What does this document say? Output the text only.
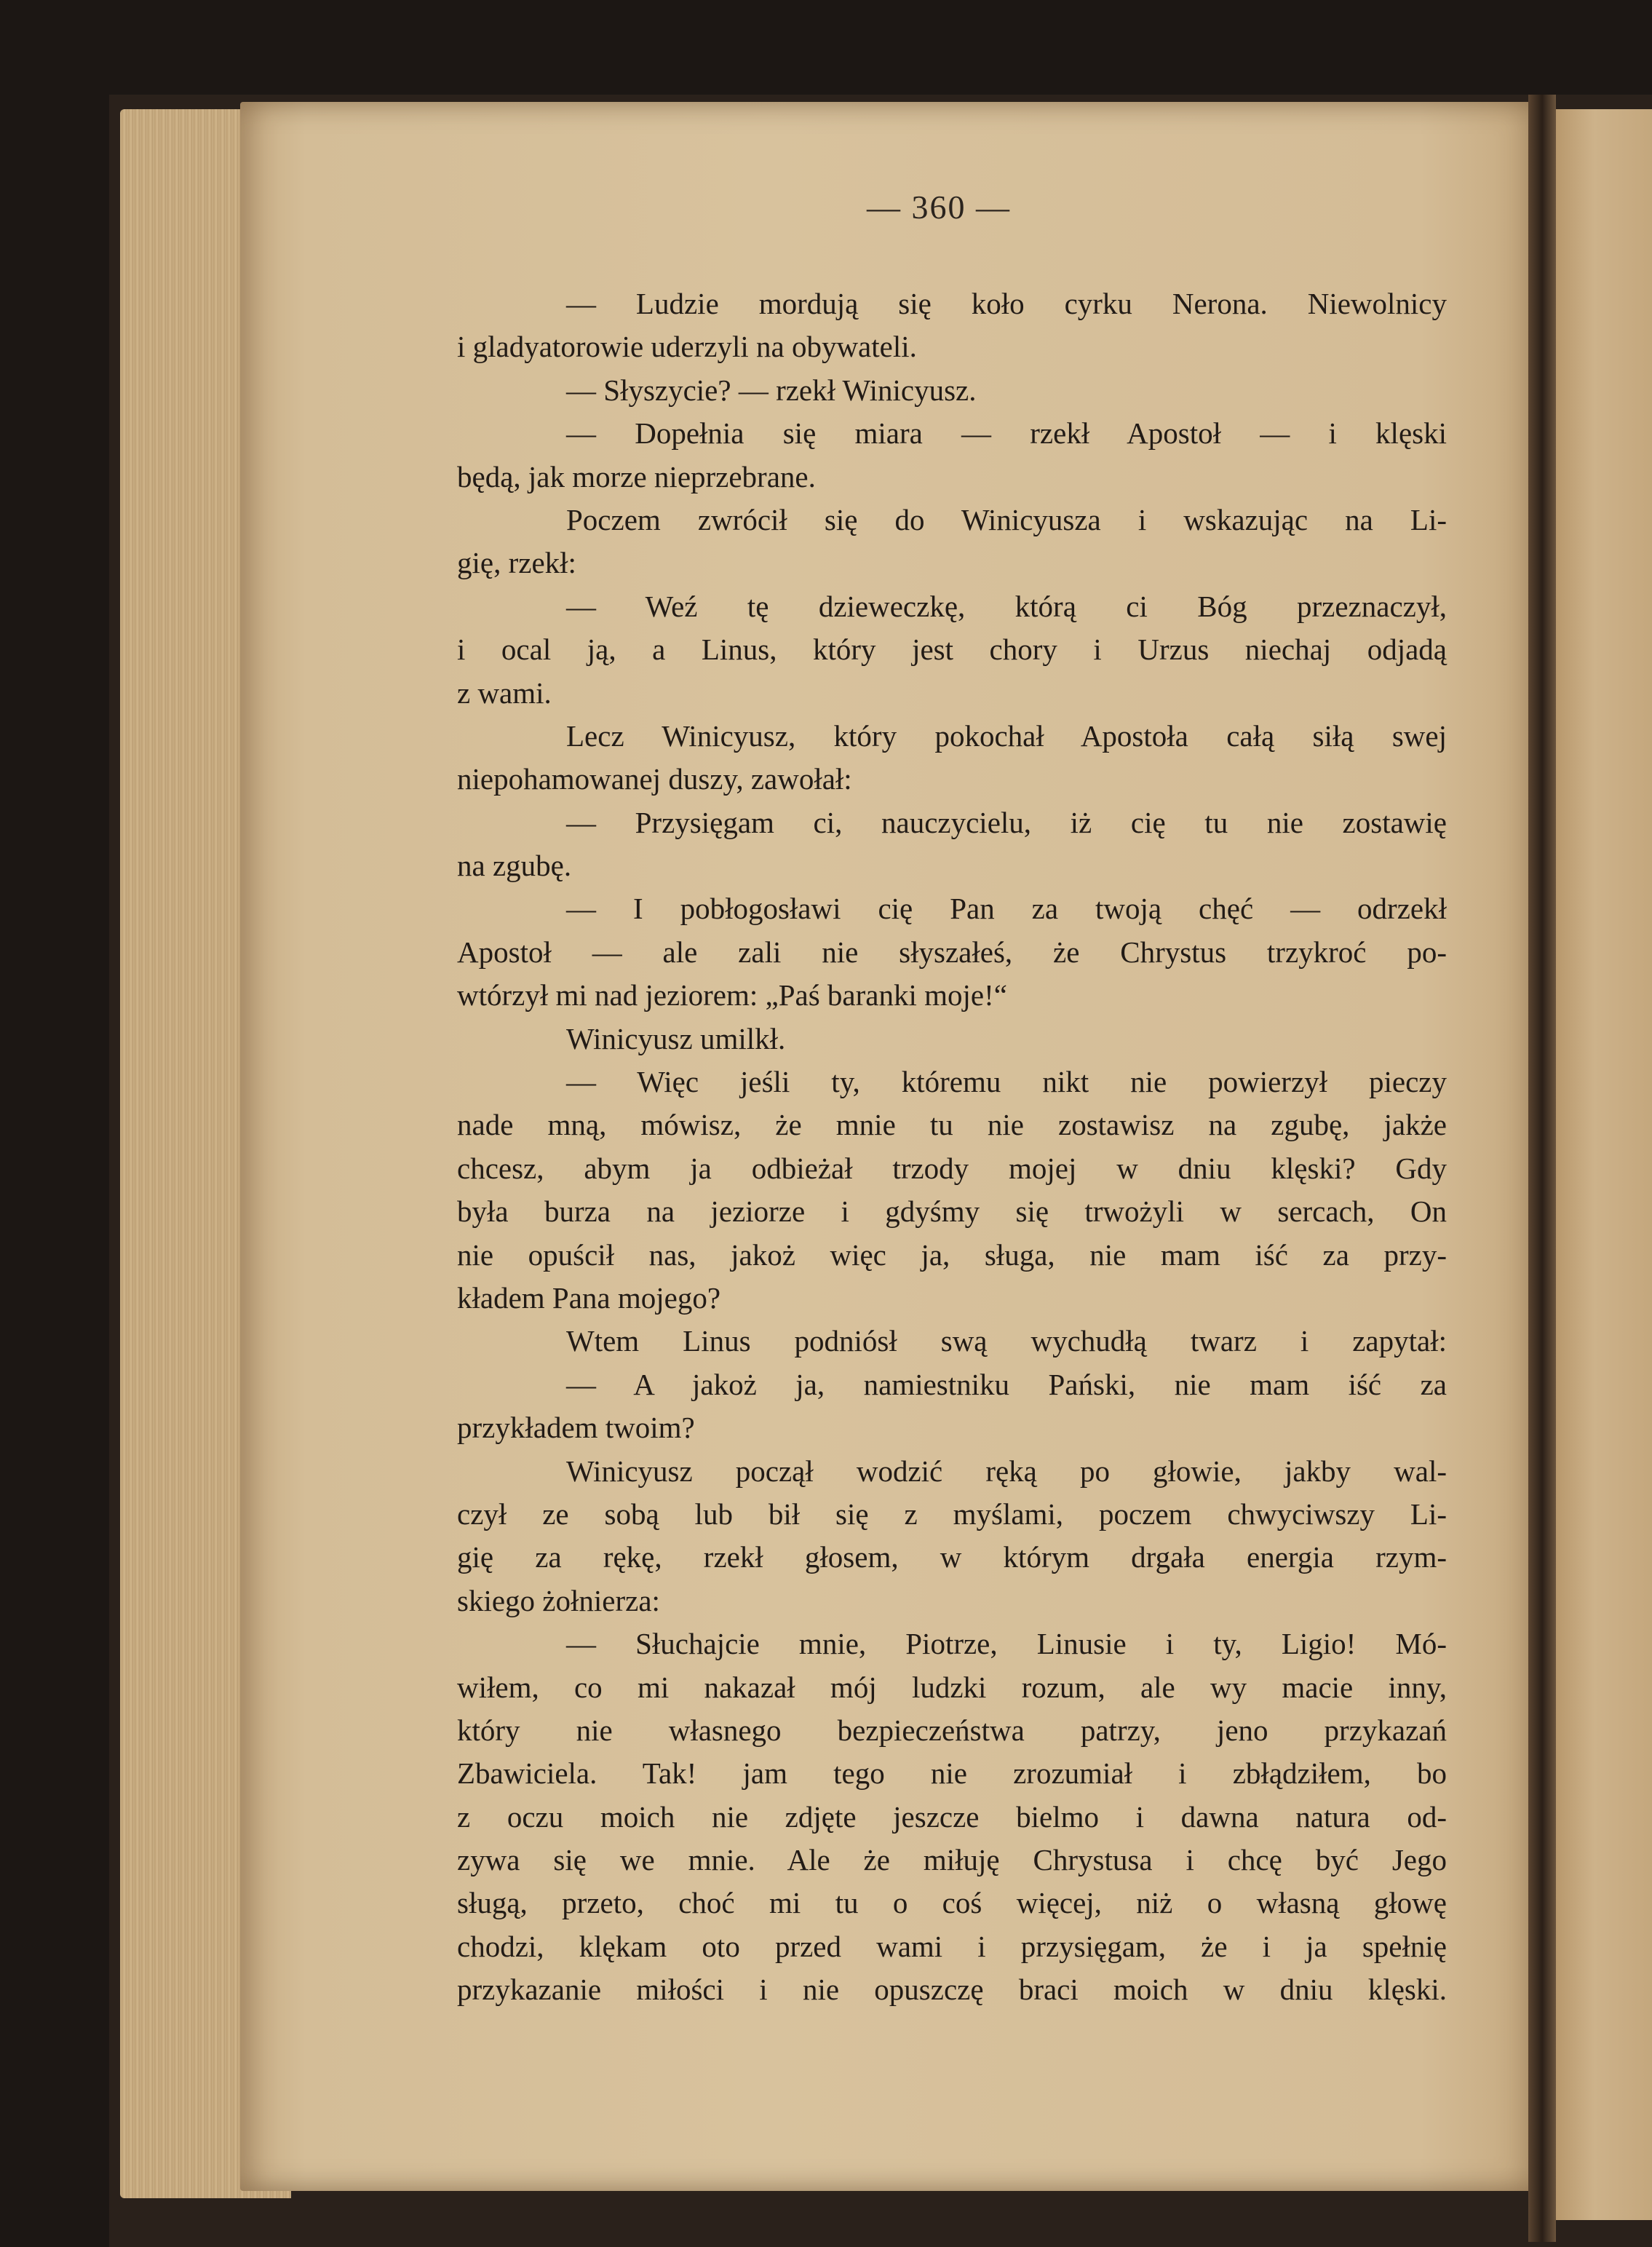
— 360 —
— Ludzie mordują się koło cyrku Nerona. Niewolnicy
i gladyatorowie uderzyli na obywateli.
— Słyszycie? — rzekł Winicyusz.
— Dopełnia się miara — rzekł Apostoł — i klęski
będą, jak morze nieprzebrane.
Poczem zwrócił się do Winicyusza i wskazując na Li-
gię, rzekł:
— Weź tę dzieweczkę, którą ci Bóg przeznaczył,
i ocal ją, a Linus, który jest chory i Urzus niechaj odjadą
z wami.
Lecz Winicyusz, który pokochał Apostoła całą siłą swej
niepohamowanej duszy, zawołał:
— Przysięgam ci, nauczycielu, iż cię tu nie zostawię
na zgubę.
— I pobłogosławi cię Pan za twoją chęć — odrzekł
Apostoł — ale zali nie słyszałeś, że Chrystus trzykroć po-
wtórzył mi nad jeziorem: „Paś baranki moje!“
Winicyusz umilkł.
— Więc jeśli ty, któremu nikt nie powierzył pieczy
nade mną, mówisz, że mnie tu nie zostawisz na zgubę, jakże
chcesz, abym ja odbieżał trzody mojej w dniu klęski? Gdy
była burza na jeziorze i gdyśmy się trwożyli w sercach, On
nie opuścił nas, jakoż więc ja, sługa, nie mam iść za przy-
kładem Pana mojego?
Wtem Linus podniósł swą wychudłą twarz i zapytał:
— A jakoż ja, namiestniku Pański, nie mam iść za
przykładem twoim?
Winicyusz począł wodzić ręką po głowie, jakby wal-
czył ze sobą lub bił się z myślami, poczem chwyciwszy Li-
gię za rękę, rzekł głosem, w którym drgała energia rzym-
skiego żołnierza:
— Słuchajcie mnie, Piotrze, Linusie i ty, Ligio! Mó-
wiłem, co mi nakazał mój ludzki rozum, ale wy macie inny,
który nie własnego bezpieczeństwa patrzy, jeno przykazań
Zbawiciela. Tak! jam tego nie zrozumiał i zbłądziłem, bo
z oczu moich nie zdjęte jeszcze bielmo i dawna natura od-
zywa się we mnie. Ale że miłuję Chrystusa i chcę być Jego
sługą, przeto, choć mi tu o coś więcej, niż o własną głowę
chodzi, klękam oto przed wami i przysięgam, że i ja spełnię
przykazanie miłości i nie opuszczę braci moich w dniu klęski.
